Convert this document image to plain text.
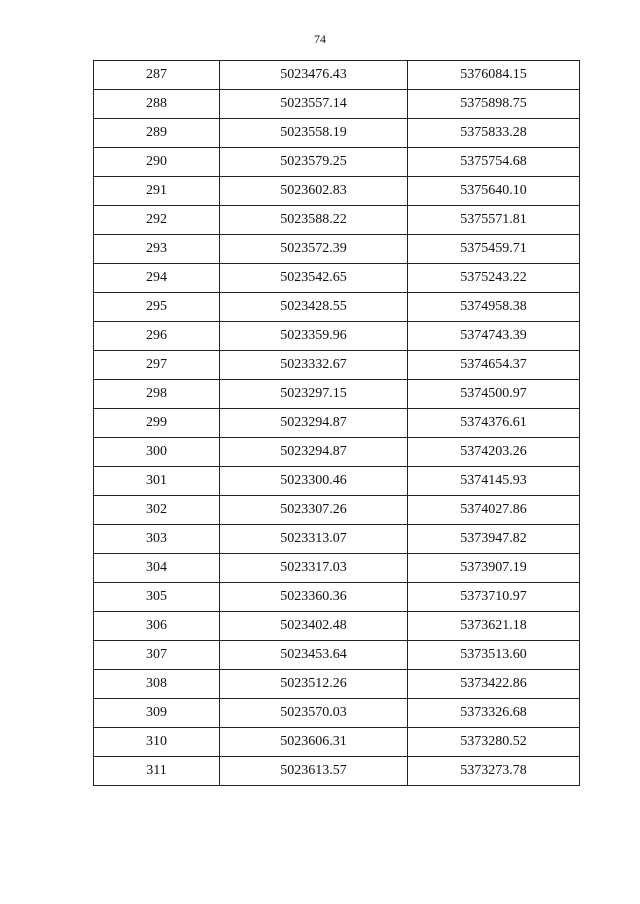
74
287	5023476.43	5376084.15
288	5023557.14	5375898.75
289	5023558.19	5375833.28
290	5023579.25	5375754.68
291	5023602.83	5375640.10
292	5023588.22	5375571.81
293	5023572.39	5375459.71
294	5023542.65	5375243.22
295	5023428.55	5374958.38
296	5023359.96	5374743.39
297	5023332.67	5374654.37
298	5023297.15	5374500.97
299	5023294.87	5374376.61
300	5023294.87	5374203.26
301	5023300.46	5374145.93
302	5023307.26	5374027.86
303	5023313.07	5373947.82
304	5023317.03	5373907.19
305	5023360.36	5373710.97
306	5023402.48	5373621.18
307	5023453.64	5373513.60
308	5023512.26	5373422.86
309	5023570.03	5373326.68
310	5023606.31	5373280.52
311	5023613.57	5373273.78
